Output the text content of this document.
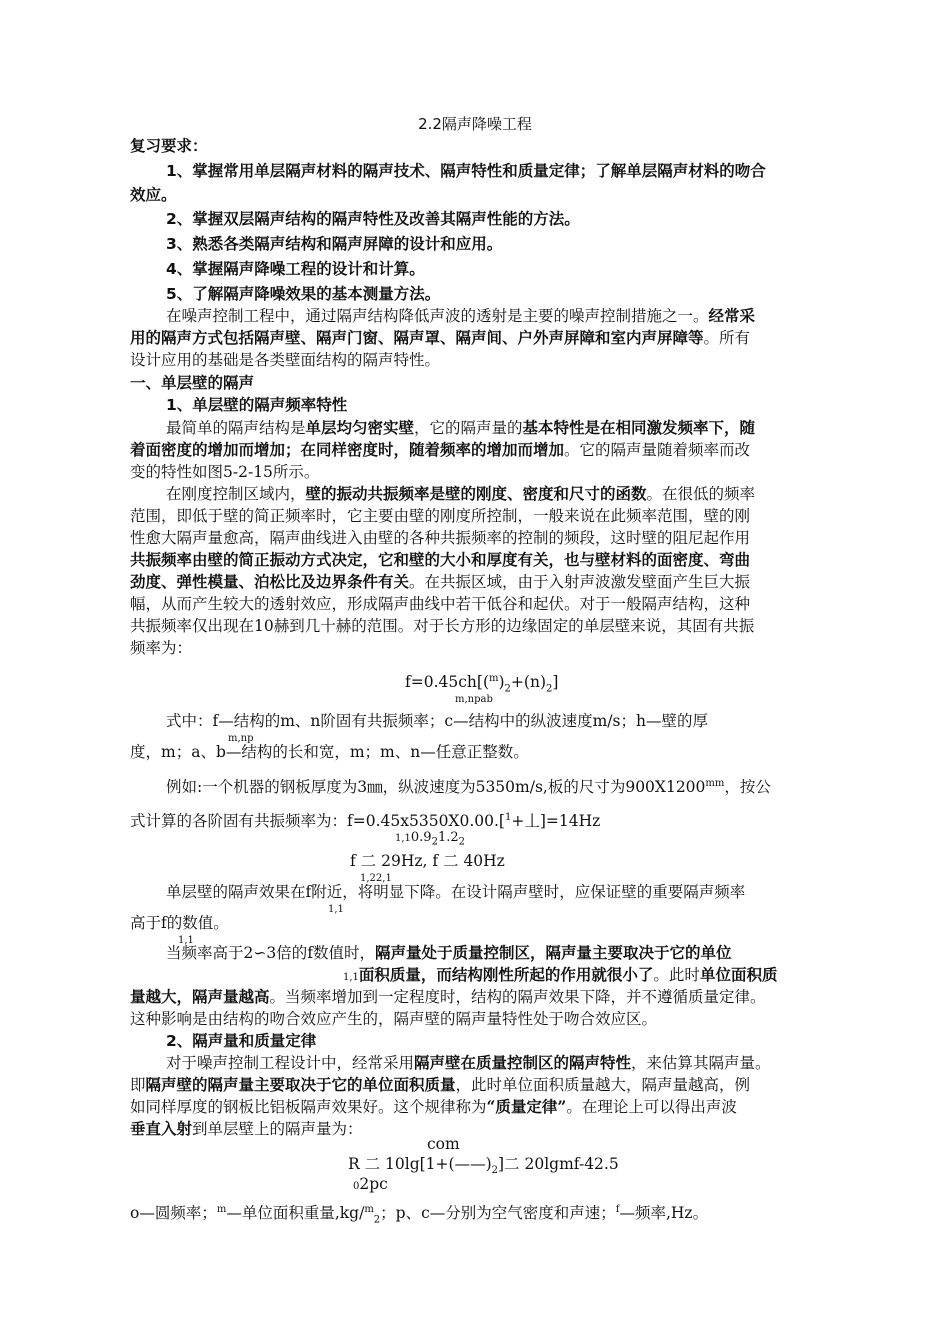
2.2隔声降噪工程
复习要求：
1、掌握常用单层隔声材料的隔声技术、隔声特性和质量定律；了解单层隔声材料的吻合
效应。
2、掌握双层隔声结构的隔声特性及改善其隔声性能的方法。
3、熟悉各类隔声结构和隔声屏障的设计和应用。
4、掌握隔声降噪工程的设计和计算。
5、了解隔声降噪效果的基本测量方法。
在噪声控制工程中，通过隔声结构降低声波的透射是主要的噪声控制措施之一。经常采
用的隔声方式包括隔声壁、隔声门窗、隔声罩、隔声间、户外声屏障和室内声屏障等。所有
设计应用的基础是各类壁面结构的隔声特性。
一、单层壁的隔声
1、单层壁的隔声频率特性
最简单的隔声结构是单层均匀密实壁，它的隔声量的基本特性是在相同激发频率下，随
着面密度的增加而增加；在同样密度时，随着频率的增加而增加。它的隔声量随着频率而改
变的特性如图5-2-15所示。
在刚度控制区域内，壁的振动共振频率是壁的刚度、密度和尺寸的函数。在很低的频率
范围，即低于壁的简正频率时，它主要由壁的刚度所控制，一般来说在此频率范围，壁的刚
性愈大隔声量愈高，隔声曲线进入由壁的各种共振频率的控制的频段，这时壁的阻尼起作用
共振频率由壁的简正振动方式决定，它和壁的大小和厚度有关，也与壁材料的面密度、弯曲
劲度、弹性模量、泊松比及边界条件有关。在共振区域，由于入射声波激发壁面产生巨大振
幅，从而产生较大的透射效应，形成隔声曲线中若干低谷和起伏。对于一般隔声结构，这种
共振频率仅出现在10赫到几十赫的范围。对于长方形的边缘固定的单层壁来说，其固有共振
频率为：
$f=0.45ch[(^m)_2+(n)_2]$
m,npab
式中：f—结构的m、n阶固有共振频率；c—结构中的纵波速度m/s；h—壁的厚
m,np
度，m；a、b—结构的长和宽，m；m、n—任意正整数。
例如:一个机器的钢板厚度为3㎜，纵波速度为5350m/s,板的尺寸为$900X1200^{mm}$，按公
式计算的各阶固有共振频率为：f=0.45x5350X0.00.[$^1$+丄]=14Hz
$1,10.9_21.2_2$
f 二 29Hz, f 二 40Hz
1,22,1
单层壁的隔声效果在f附近，将明显下降。在设计隔声壁时，应保证壁的重要隔声频率
1,1
高于f的数值。
1,1
当频率高于2∽3倍的f数值时，隔声量处于质量控制区，隔声量主要取决于它的单位
1,1面积质量，而结构刚性所起的作用就很小了。此时单位面积质
量越大，隔声量越高。当频率增加到一定程度时，结构的隔声效果下降，并不遵循质量定律。
这种影响是由结构的吻合效应产生的，隔声壁的隔声量特性处于吻合效应区。
2、隔声量和质量定律
对于噪声控制工程设计中，经常采用隔声壁在质量控制区的隔声特性，来估算其隔声量。
即隔声壁的隔声量主要取决于它的单位面积质量，此时单位面积质量越大，隔声量越高，例
如同样厚度的钢板比铝板隔声效果好。这个规律称为“质量定律”。在理论上可以得出声波
垂直入射到单层壁上的隔声量为：
com
R 二 $10\lg[1+(——)_2]$二 20lgmf-42.5
02pc
o—圆频率；$^m$—单位面积重量,kg/$^m_2$；p、c—分别为空气密度和声速；$^f$—频率,Hz。
